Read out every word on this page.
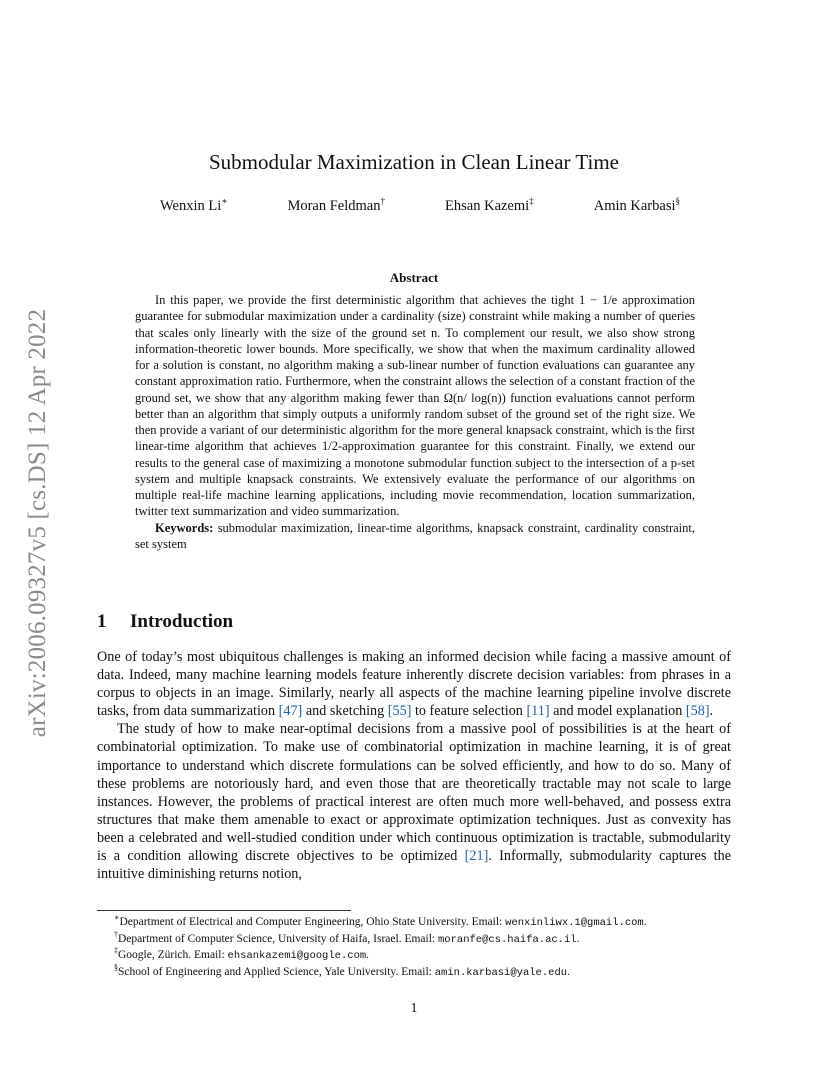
arXiv:2006.09327v5 [cs.DS] 12 Apr 2022
Submodular Maximization in Clean Linear Time
Wenxin Li∗	Moran Feldman†	Ehsan Kazemi‡	Amin Karbasi§
Abstract

In this paper, we provide the first deterministic algorithm that achieves the tight 1 − 1/e approximation guarantee for submodular maximization under a cardinality (size) constraint while making a number of queries that scales only linearly with the size of the ground set n. To complement our result, we also show strong information-theoretic lower bounds. More specifically, we show that when the maximum cardinality allowed for a solution is constant, no algorithm making a sub-linear number of function evaluations can guarantee any constant approximation ratio. Furthermore, when the constraint allows the selection of a constant fraction of the ground set, we show that any algorithm making fewer than Ω(n/ log(n)) function evaluations cannot perform better than an algorithm that simply outputs a uniformly random subset of the ground set of the right size. We then provide a variant of our deterministic algorithm for the more general knapsack constraint, which is the first linear-time algorithm that achieves 1/2-approximation guarantee for this constraint. Finally, we extend our results to the general case of maximizing a monotone submodular function subject to the intersection of a p-set system and multiple knapsack constraints. We extensively evaluate the performance of our algorithms on multiple real-life machine learning applications, including movie recommendation, location summarization, twitter text summarization and video summarization.

Keywords: submodular maximization, linear-time algorithms, knapsack constraint, cardinality constraint, set system

1 Introduction

One of today’s most ubiquitous challenges is making an informed decision while facing a massive amount of data. Indeed, many machine learning models feature inherently discrete decision variables: from phrases in a corpus to objects in an image. Similarly, nearly all aspects of the machine learning pipeline involve discrete tasks, from data summarization [47] and sketching [55] to feature selection [11] and model explanation [58].

The study of how to make near-optimal decisions from a massive pool of possibilities is at the heart of combinatorial optimization. To make use of combinatorial optimization in machine learning, it is of great importance to understand which discrete formulations can be solved efficiently, and how to do so. Many of these problems are notoriously hard, and even those that are theoretically tractable may not scale to large instances. However, the problems of practical interest are often much more well-behaved, and possess extra structures that make them amenable to exact or approximate optimization techniques. Just as convexity has been a celebrated and well-studied condition under which continuous optimization is tractable, submodularity is a condition allowing discrete objectives to be optimized [21]. Informally, submodularity captures the intuitive diminishing returns notion,

∗Department of Electrical and Computer Engineering, Ohio State University. Email: wenxinliwx.1@gmail.com.
†Department of Computer Science, University of Haifa, Israel. Email: moranfe@cs.haifa.ac.il.
‡Google, Zürich. Email: ehsankazemi@google.com.
§School of Engineering and Applied Science, Yale University. Email: amin.karbasi@yale.edu.
1
